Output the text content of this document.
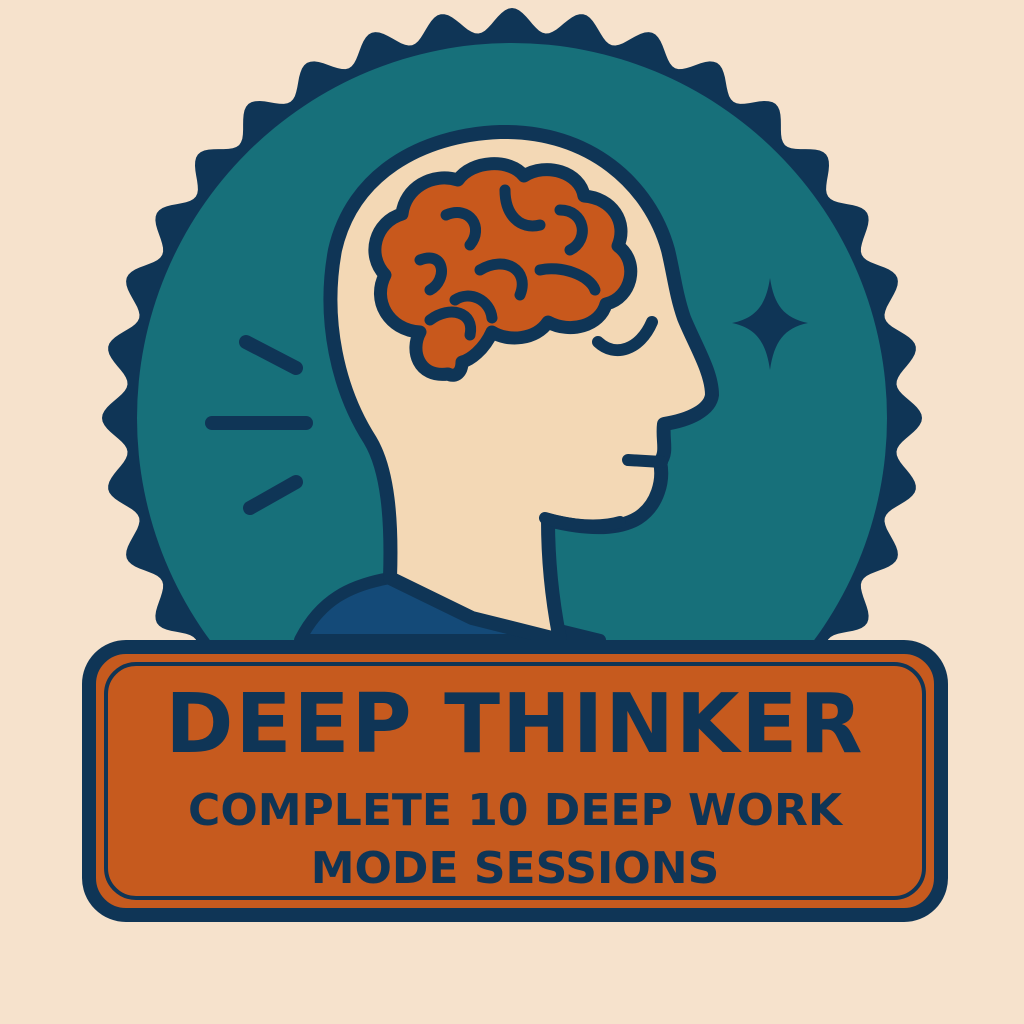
DEEP THINKER
COMPLETE 10 DEEP WORK
MODE SESSIONS
